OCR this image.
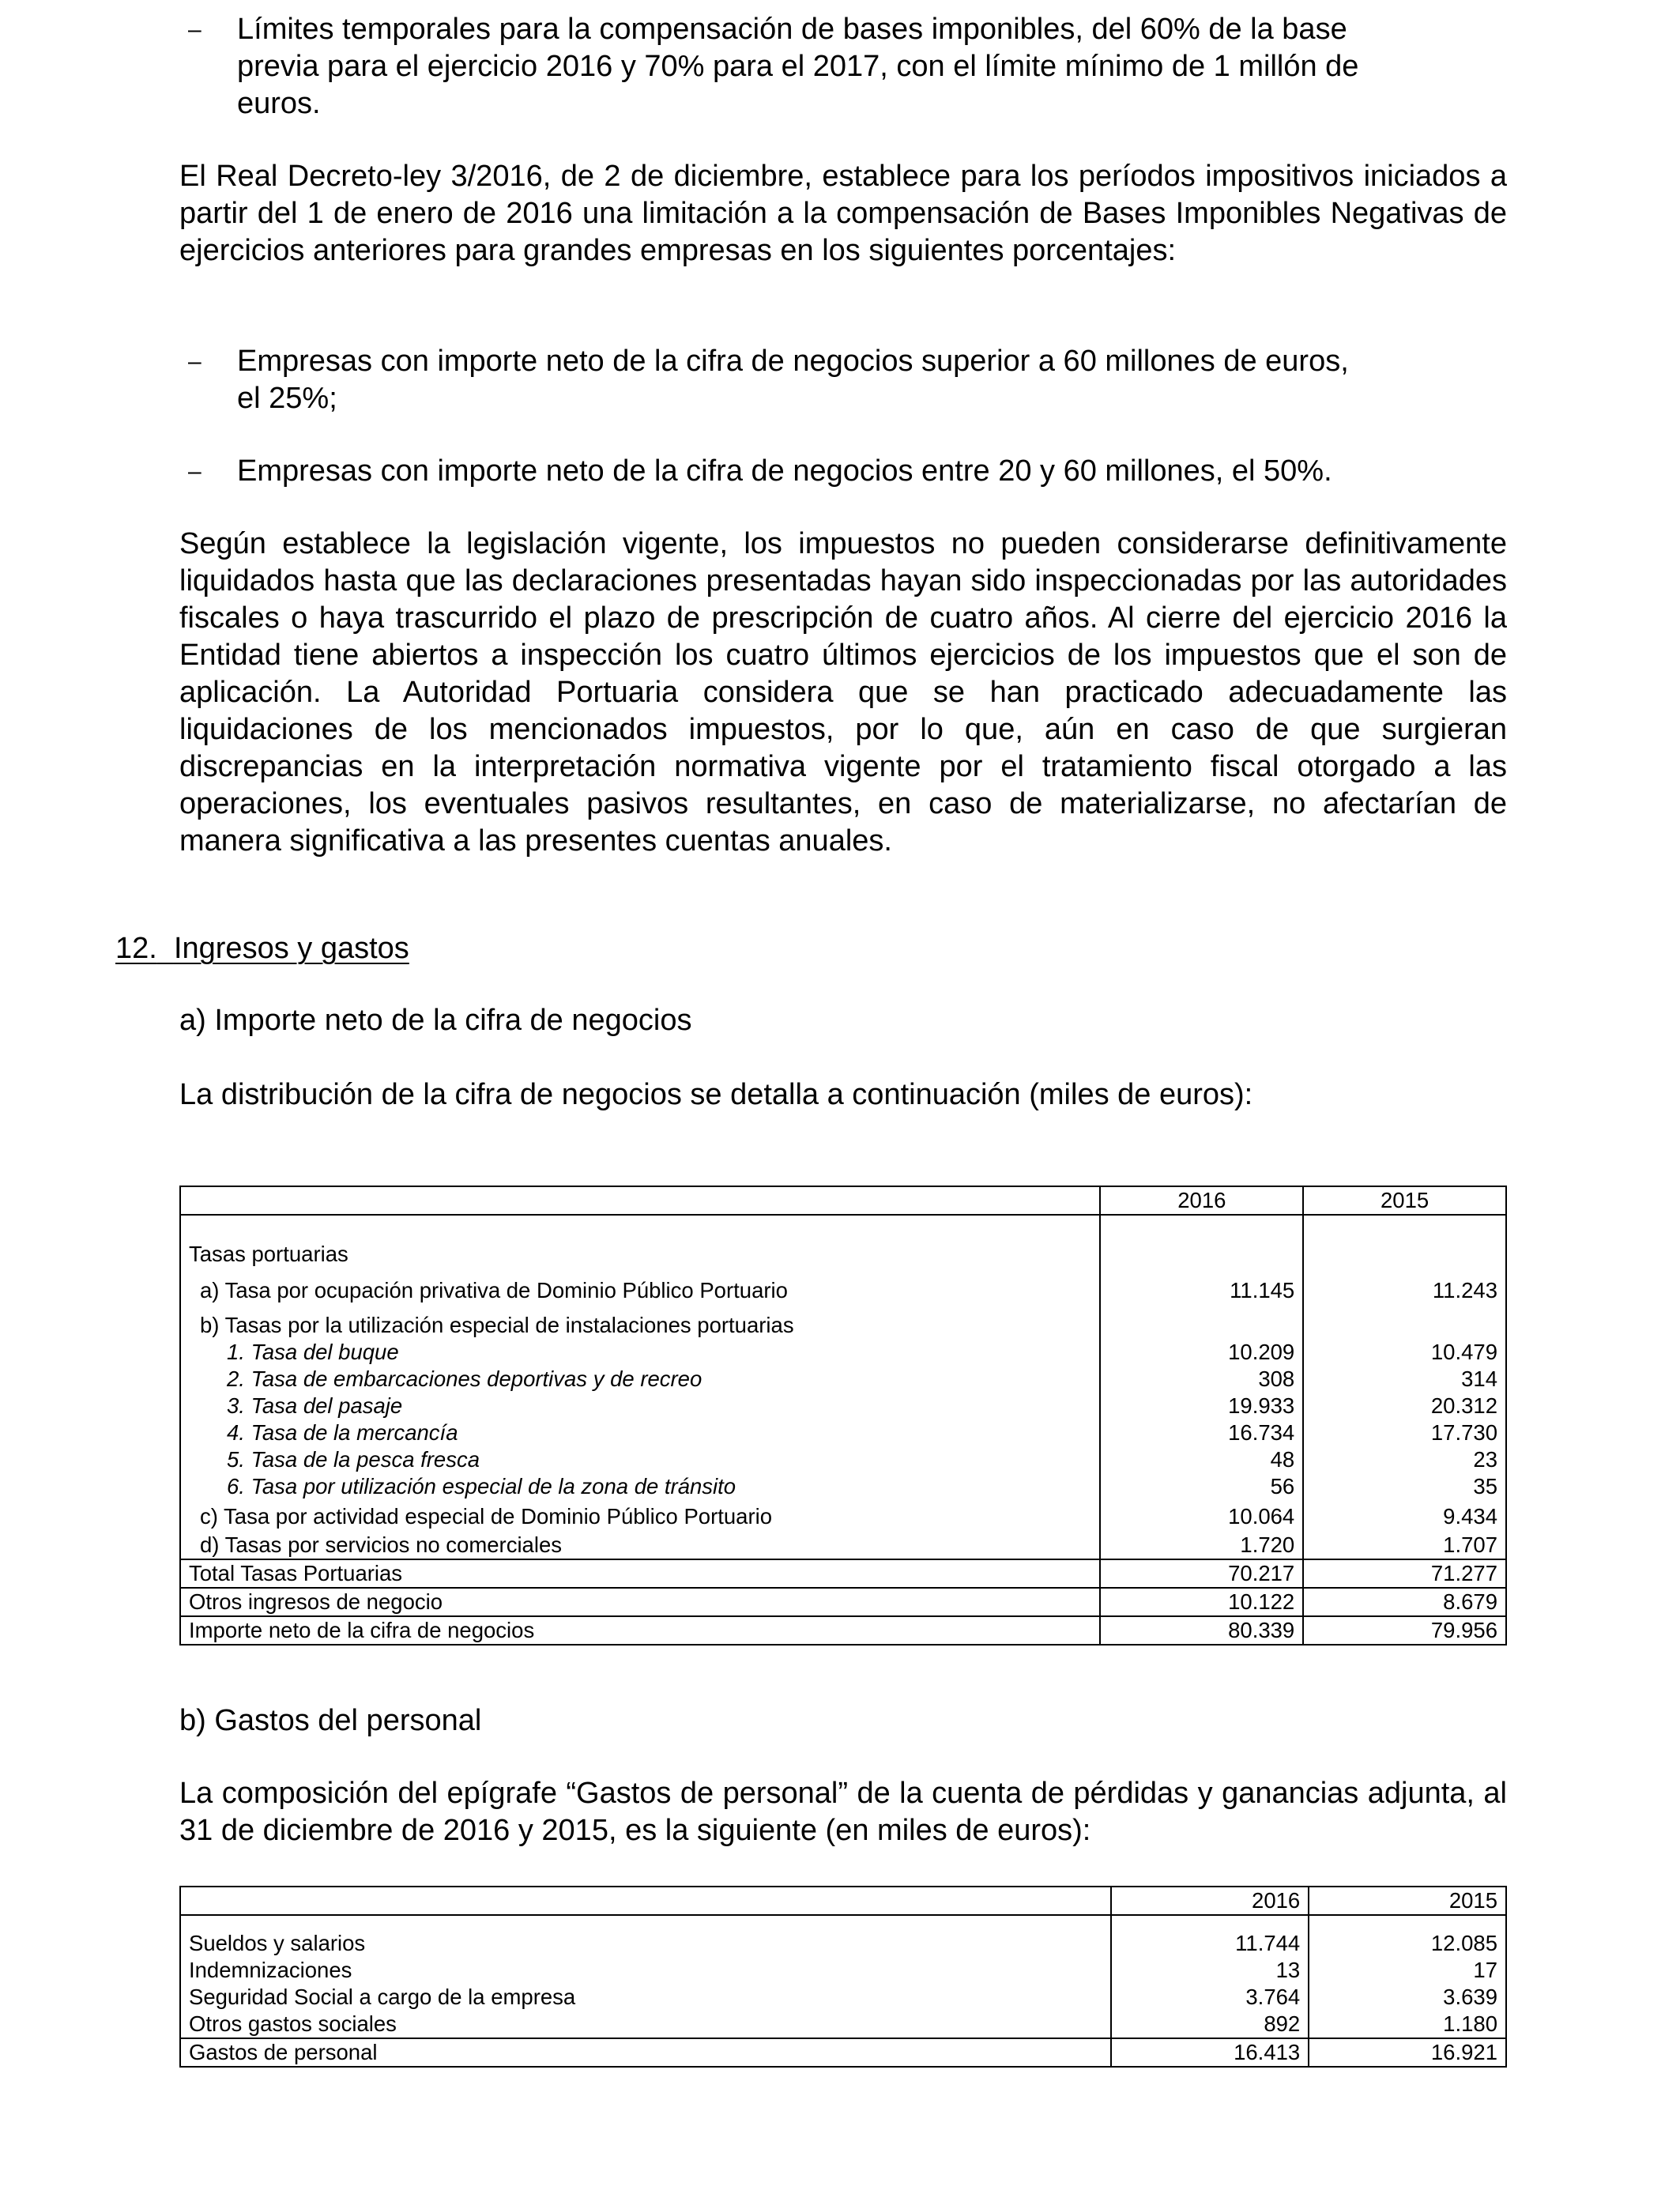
– Límites temporales para la compensación de bases imponibles, del 60% de la base
previa para el ejercicio 2016 y 70% para el 2017, con el límite mínimo de 1 millón de
euros.
El Real Decreto-ley 3/2016, de 2 de diciembre, establece para los períodos impositivos iniciados a partir del 1 de enero de 2016 una limitación a la compensación de Bases Imponibles Negativas de ejercicios anteriores para grandes empresas en los siguientes porcentajes:
– Empresas con importe neto de la cifra de negocios superior a 60 millones de euros,
el 25%;
– Empresas con importe neto de la cifra de negocios entre 20 y 60 millones, el 50%.
Según establece la legislación vigente, los impuestos no pueden considerarse definitivamente liquidados hasta que las declaraciones presentadas hayan sido inspeccionadas por las autoridades fiscales o haya trascurrido el plazo de prescripción de cuatro años. Al cierre del ejercicio 2016 la Entidad tiene abiertos a inspección los cuatro últimos ejercicios de los impuestos que el son de aplicación. La Autoridad Portuaria considera que se han practicado adecuadamente las liquidaciones de los mencionados impuestos, por lo que, aún en caso de que surgieran discrepancias en la interpretación normativa vigente por el tratamiento fiscal otorgado a las operaciones, los eventuales pasivos resultantes, en caso de materializarse, no afectarían de manera significativa a las presentes cuentas anuales.
12. Ingresos y gastos
a) Importe neto de la cifra de negocios
La distribución de la cifra de negocios se detalla a continuación (miles de euros):
	2016	2015
Tasas portuarias		
a) Tasa por ocupación privativa de Dominio Público Portuario	11.145	11.243
b) Tasas por la utilización especial de instalaciones portuarias		
1. Tasa del buque	10.209	10.479
2. Tasa de embarcaciones deportivas y de recreo	308	314
3. Tasa del pasaje	19.933	20.312
4. Tasa de la mercancía	16.734	17.730
5. Tasa de la pesca fresca	48	23
6. Tasa por utilización especial de la zona de tránsito	56	35
c) Tasa por actividad especial de Dominio Público Portuario	10.064	9.434
d) Tasas por servicios no comerciales	1.720	1.707
Total Tasas Portuarias	70.217	71.277
Otros ingresos de negocio	10.122	8.679
Importe neto de la cifra de negocios	80.339	79.956
b) Gastos del personal
La composición del epígrafe “Gastos de personal” de la cuenta de pérdidas y ganancias adjunta, al 31 de diciembre de 2016 y 2015, es la siguiente (en miles de euros):
	2016	2015
Sueldos y salarios	11.744	12.085
Indemnizaciones	13	17
Seguridad Social a cargo de la empresa	3.764	3.639
Otros gastos sociales	892	1.180
Gastos de personal	16.413	16.921
